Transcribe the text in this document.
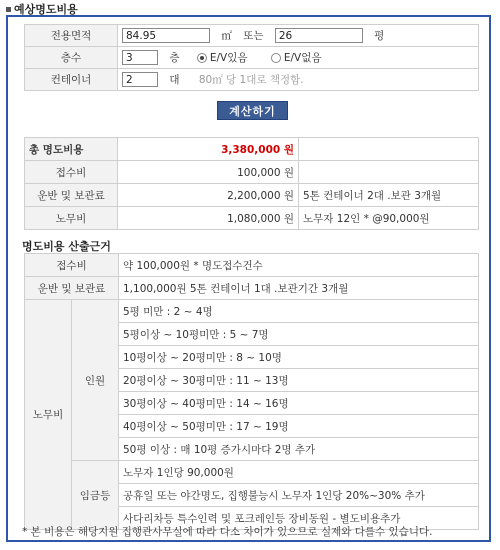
예상명도비용
전용면적	84.95 ㎡ 또는 26 평
층수	3 층 E/V있음 E/V없음
컨테이너	2 대 80㎡ 당 1대로 책정함.
계산하기
총 명도비용	3,380,000 원	
접수비	100,000 원	
운반 및 보관료	2,200,000 원	5톤 컨테이너 2대 .보관 3개월
노무비	1,080,000 원	노무자 12인 * @90,000원
명도비용 산출근거
접수비		약 100,000원 * 명도접수건수
운반 및 보관료		1,100,000원 5톤 컨테이너 1대 .보관기간 3개월
노무비	인원	5평 미만 : 2 ~ 4명
		5평이상 ~ 10평미만 : 5 ~ 7명
		10평이상 ~ 20평미만 : 8 ~ 10명
		20평이상 ~ 30평미만 : 11 ~ 13명
		30평이상 ~ 40평미만 : 14 ~ 16명
		40평이상 ~ 50평미만 : 17 ~ 19명
		50평 이상 : 매 10평 증가시마다 2명 추가
	임금등	노무자 1인당 90,000원
		공휴일 또는 야간명도, 집행불능시 노무자 1인당 20%~30% 추가
		사다리차등 특수인력 및 포크레인등 장비동원 - 별도비용추가
* 본 비용은 해당지원 집행관사무실에 따라 다소 차이가 있으므로 실제와 다를수 있습니다.
